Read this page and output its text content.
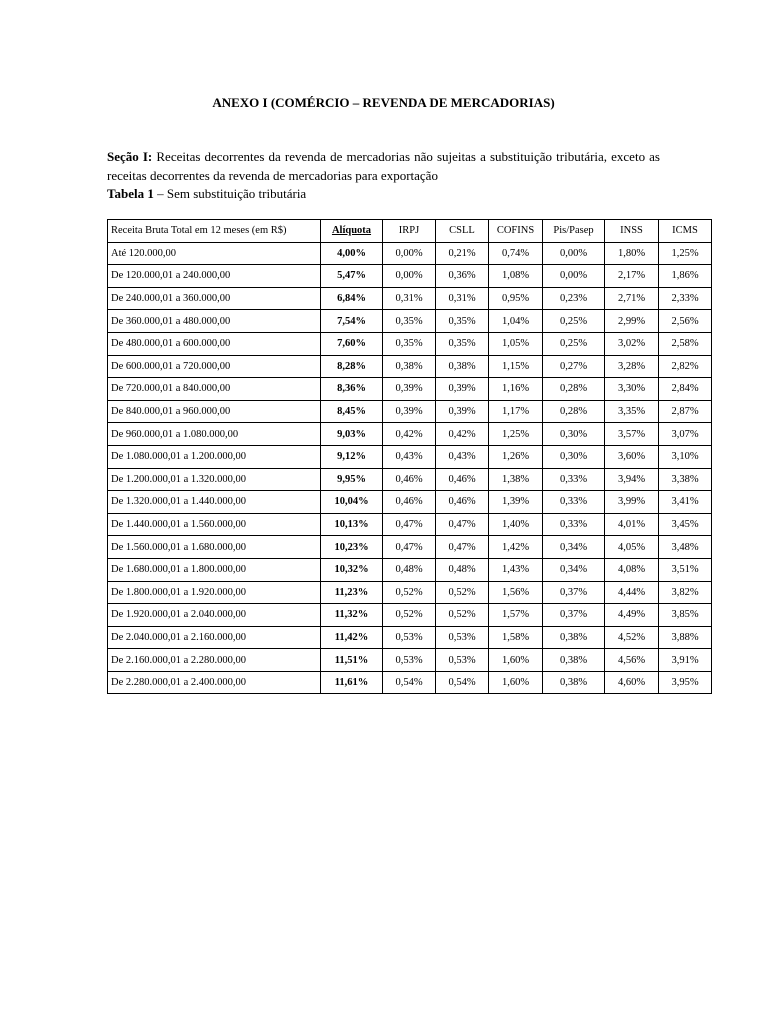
ANEXO I (COMÉRCIO – REVENDA DE MERCADORIAS)
Seção I: Receitas decorrentes da revenda de mercadorias não sujeitas a substituição tributária, exceto as receitas decorrentes da revenda de mercadorias para exportação
Tabela 1 – Sem substituição tributária
Receita Bruta Total em 12 meses (em R$)	Alíquota	IRPJ	CSLL	COFINS	Pis/Pasep	INSS	ICMS
Até 120.000,00	4,00%	0,00%	0,21%	0,74%	0,00%	1,80%	1,25%
De 120.000,01 a 240.000,00	5,47%	0,00%	0,36%	1,08%	0,00%	2,17%	1,86%
De 240.000,01 a 360.000,00	6,84%	0,31%	0,31%	0,95%	0,23%	2,71%	2,33%
De 360.000,01 a 480.000,00	7,54%	0,35%	0,35%	1,04%	0,25%	2,99%	2,56%
De 480.000,01 a 600.000,00	7,60%	0,35%	0,35%	1,05%	0,25%	3,02%	2,58%
De 600.000,01 a 720.000,00	8,28%	0,38%	0,38%	1,15%	0,27%	3,28%	2,82%
De 720.000,01 a 840.000,00	8,36%	0,39%	0,39%	1,16%	0,28%	3,30%	2,84%
De 840.000,01 a 960.000,00	8,45%	0,39%	0,39%	1,17%	0,28%	3,35%	2,87%
De 960.000,01 a 1.080.000,00	9,03%	0,42%	0,42%	1,25%	0,30%	3,57%	3,07%
De 1.080.000,01 a 1.200.000,00	9,12%	0,43%	0,43%	1,26%	0,30%	3,60%	3,10%
De 1.200.000,01 a 1.320.000,00	9,95%	0,46%	0,46%	1,38%	0,33%	3,94%	3,38%
De 1.320.000,01 a 1.440.000,00	10,04%	0,46%	0,46%	1,39%	0,33%	3,99%	3,41%
De 1.440.000,01 a 1.560.000,00	10,13%	0,47%	0,47%	1,40%	0,33%	4,01%	3,45%
De 1.560.000,01 a 1.680.000,00	10,23%	0,47%	0,47%	1,42%	0,34%	4,05%	3,48%
De 1.680.000,01 a 1.800.000,00	10,32%	0,48%	0,48%	1,43%	0,34%	4,08%	3,51%
De 1.800.000,01 a 1.920.000,00	11,23%	0,52%	0,52%	1,56%	0,37%	4,44%	3,82%
De 1.920.000,01 a 2.040.000,00	11,32%	0,52%	0,52%	1,57%	0,37%	4,49%	3,85%
De 2.040.000,01 a 2.160.000,00	11,42%	0,53%	0,53%	1,58%	0,38%	4,52%	3,88%
De 2.160.000,01 a 2.280.000,00	11,51%	0,53%	0,53%	1,60%	0,38%	4,56%	3,91%
De 2.280.000,01 a 2.400.000,00	11,61%	0,54%	0,54%	1,60%	0,38%	4,60%	3,95%
